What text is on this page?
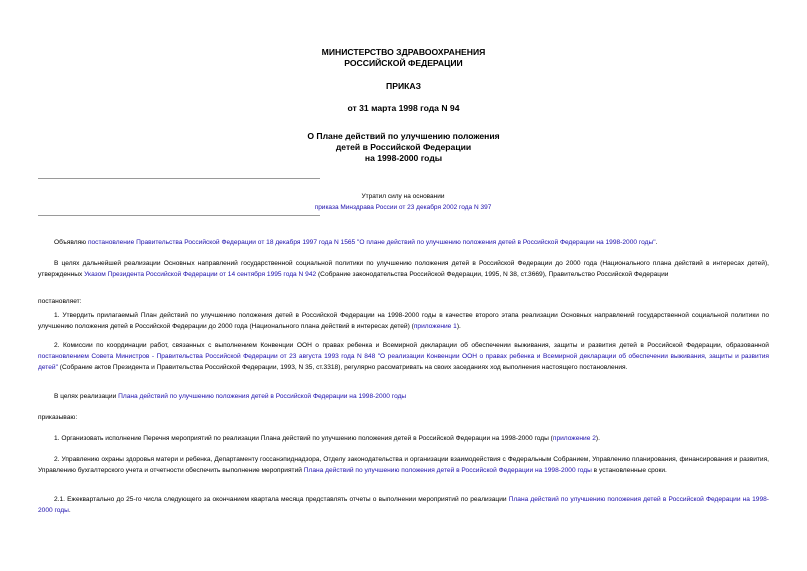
МИНИСТЕРСТВО ЗДРАВООХРАНЕНИЯ
РОССИЙСКОЙ ФЕДЕРАЦИИ
ПРИКАЗ
от 31 марта 1998 года N 94
О Плане действий по улучшению положения
детей в Российской Федерации
на 1998-2000 годы
Утратил силу на основании
приказа Минздрава России от 23 декабря 2002 года N 397
Объявляю постановление Правительства Российской Федерации от 18 декабря 1997 года N 1565 "О плане действий по улучшению положения детей в Российской Федерации на 1998-2000 годы".
В целях дальнейшей реализации Основных направлений государственной социальной политики по улучшению положения детей в Российской Федерации до 2000 года (Национального плана действий в интересах детей), утвержденных Указом Президента Российской Федерации от 14 сентября 1995 года N 942 (Собрание законодательства Российской Федерации, 1995, N 38, ст.3669), Правительство Российской Федерации
постановляет:
1. Утвердить прилагаемый План действий по улучшению положения детей в Российской Федерации на 1998-2000 годы в качестве второго этапа реализации Основных направлений государственной социальной политики по улучшению положения детей в Российской Федерации до 2000 года (Национального плана действий в интересах детей) (приложение 1).
2. Комиссии по координации работ, связанных с выполнением Конвенции ООН о правах ребенка и Всемирной декларации об обеспечении выживания, защиты и развития детей в Российской Федерации, образованной постановлением Совета Министров - Правительства Российской Федерации от 23 августа 1993 года N 848 "О реализации Конвенции ООН о правах ребенка и Всемирной декларации об обеспечении выживания, защиты и развития детей" (Собрание актов Президента и Правительства Российской Федерации, 1993, N 35, ст.3318), регулярно рассматривать на своих заседаниях ход выполнения настоящего постановления.
В целях реализации Плана действий по улучшению положения детей в Российской Федерации на 1998-2000 годы
приказываю:
1. Организовать исполнение Перечня мероприятий по реализации Плана действий по улучшению положения детей в Российской Федерации на 1998-2000 годы (приложение 2).
2. Управлению охраны здоровья матери и ребенка, Департаменту госсанэпиднадзора, Отделу законодательства и организации взаимодействия с Федеральным Собранием, Управлению планирования, финансирования и развития, Управлению бухгалтерского учета и отчетности обеспечить выполнение мероприятий Плана действий по улучшению положения детей в Российской Федерации на 1998-2000 годы в установленные сроки.
2.1. Ежеквартально до 25-го числа следующего за окончанием квартала месяца представлять отчеты о выполнении мероприятий по реализации Плана действий по улучшению положения детей в Российской Федерации на 1998-2000 годы.
